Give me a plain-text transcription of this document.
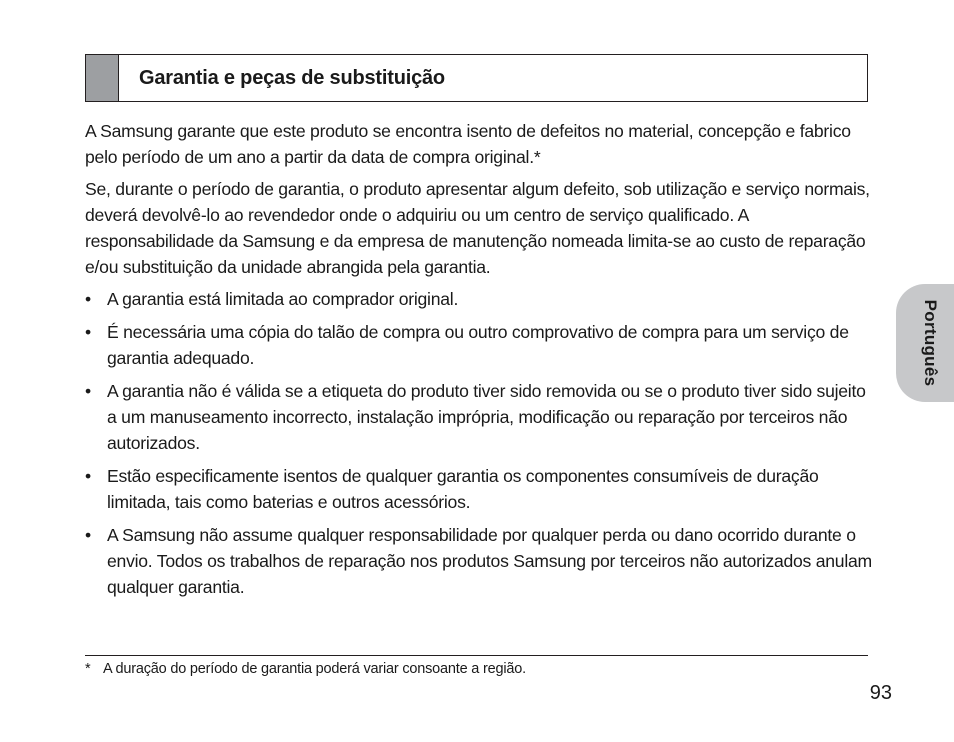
Garantia e peças de substituição

A Samsung garante que este produto se encontra isento de defeitos no material, concepção e fabrico pelo período de um ano a partir da data de compra original.*

Se, durante o período de garantia, o produto apresentar algum defeito, sob utilização e serviço normais, deverá devolvê-lo ao revendedor onde o adquiriu ou um centro de serviço qualificado. A responsabilidade da Samsung e da empresa de manutenção nomeada limita-se ao custo de reparação e/ou substituição da unidade abrangida pela garantia.

• A garantia está limitada ao comprador original.
• É necessária uma cópia do talão de compra ou outro comprovativo de compra para um serviço de garantia adequado.
• A garantia não é válida se a etiqueta do produto tiver sido removida ou se o produto tiver sido sujeito a um manuseamento incorrecto, instalação imprópria, modificação ou reparação por terceiros não autorizados.
• Estão especificamente isentos de qualquer garantia os componentes consumíveis de duração limitada, tais como baterias e outros acessórios.
• A Samsung não assume qualquer responsabilidade por qualquer perda ou dano ocorrido durante o envio. Todos os trabalhos de reparação nos produtos Samsung por terceiros não autorizados anulam qualquer garantia.
* A duração do período de garantia poderá variar consoante a região.
93
Português
